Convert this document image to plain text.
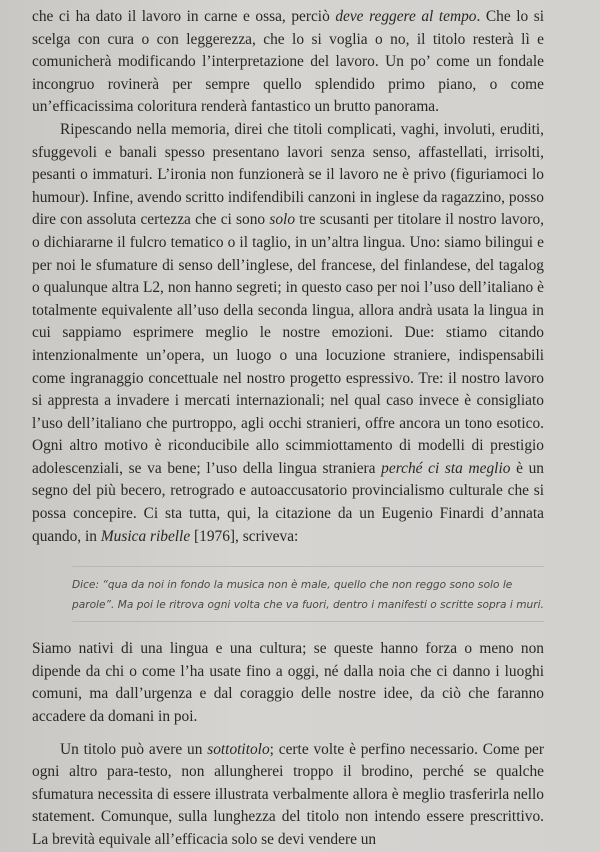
che ci ha dato il lavoro in carne e ossa, perciò deve reggere al tempo. Che lo si scelga con cura o con leggerezza, che lo si voglia o no, il titolo resterà lì e comunicherà modificando l’interpretazione del lavoro. Un po’ come un fondale incongruo rovinerà per sempre quello splendido primo piano, o come un’efficacissima coloritura renderà fantastico un brutto panorama.

Ripescando nella memoria, direi che titoli complicati, vaghi, involuti, eruditi, sfuggevoli e banali spesso presentano lavori senza senso, affastellati, irrisolti, pesanti o immaturi. L’ironia non funzionerà se il lavoro ne è privo (figuriamoci lo humour). Infine, avendo scritto indifendibili canzoni in inglese da ragazzino, posso dire con assoluta certezza che ci sono solo tre scusanti per titolare il nostro lavoro, o dichiararne il fulcro tematico o il taglio, in un’altra lingua. Uno: siamo bilingui e per noi le sfumature di senso dell’inglese, del francese, del finlandese, del tagalog o qualunque altra L2, non hanno segreti; in questo caso per noi l’uso dell’italiano è totalmente equivalente all’uso della seconda lingua, allora andrà usata la lingua in cui sappiamo esprimere meglio le nostre emozioni. Due: stiamo citando intenzionalmente un’opera, un luogo o una locuzione straniere, indispensabili come ingranaggio concettuale nel nostro progetto espressivo. Tre: il nostro lavoro si appresta a invadere i mercati internazionali; nel qual caso invece è consigliato l’uso dell’italiano che purtroppo, agli occhi stranieri, offre ancora un tono esotico. Ogni altro motivo è riconducibile allo scimmiottamento di modelli di prestigio adolescenziali, se va bene; l’uso della lingua straniera perché ci sta meglio è un segno del più becero, retrogrado e autoaccusatorio provincialismo culturale che si possa concepire. Ci sta tutta, qui, la citazione da un Eugenio Finardi d’annata quando, in Musica ribelle [1976], scriveva:

Dice: “qua da noi in fondo la musica non è male, quello che non reggo sono solo le parole”. Ma poi le ritrova ogni volta che va fuori, dentro i manifesti o scritte sopra i muri.

Siamo nativi di una lingua e una cultura; se queste hanno forza o meno non dipende da chi o come l’ha usate fino a oggi, né dalla noia che ci danno i luoghi comuni, ma dall’urgenza e dal coraggio delle nostre idee, da ciò che faranno accadere da domani in poi.

Un titolo può avere un sottotitolo; certe volte è perfino necessario. Come per ogni altro para-testo, non allungherei troppo il brodino, perché se qualche sfumatura necessita di essere illustrata verbalmente allora è meglio trasferirla nello statement. Comunque, sulla lunghezza del titolo non intendo essere prescrittivo. La brevità equivale all’efficacia solo se devi vendere un
